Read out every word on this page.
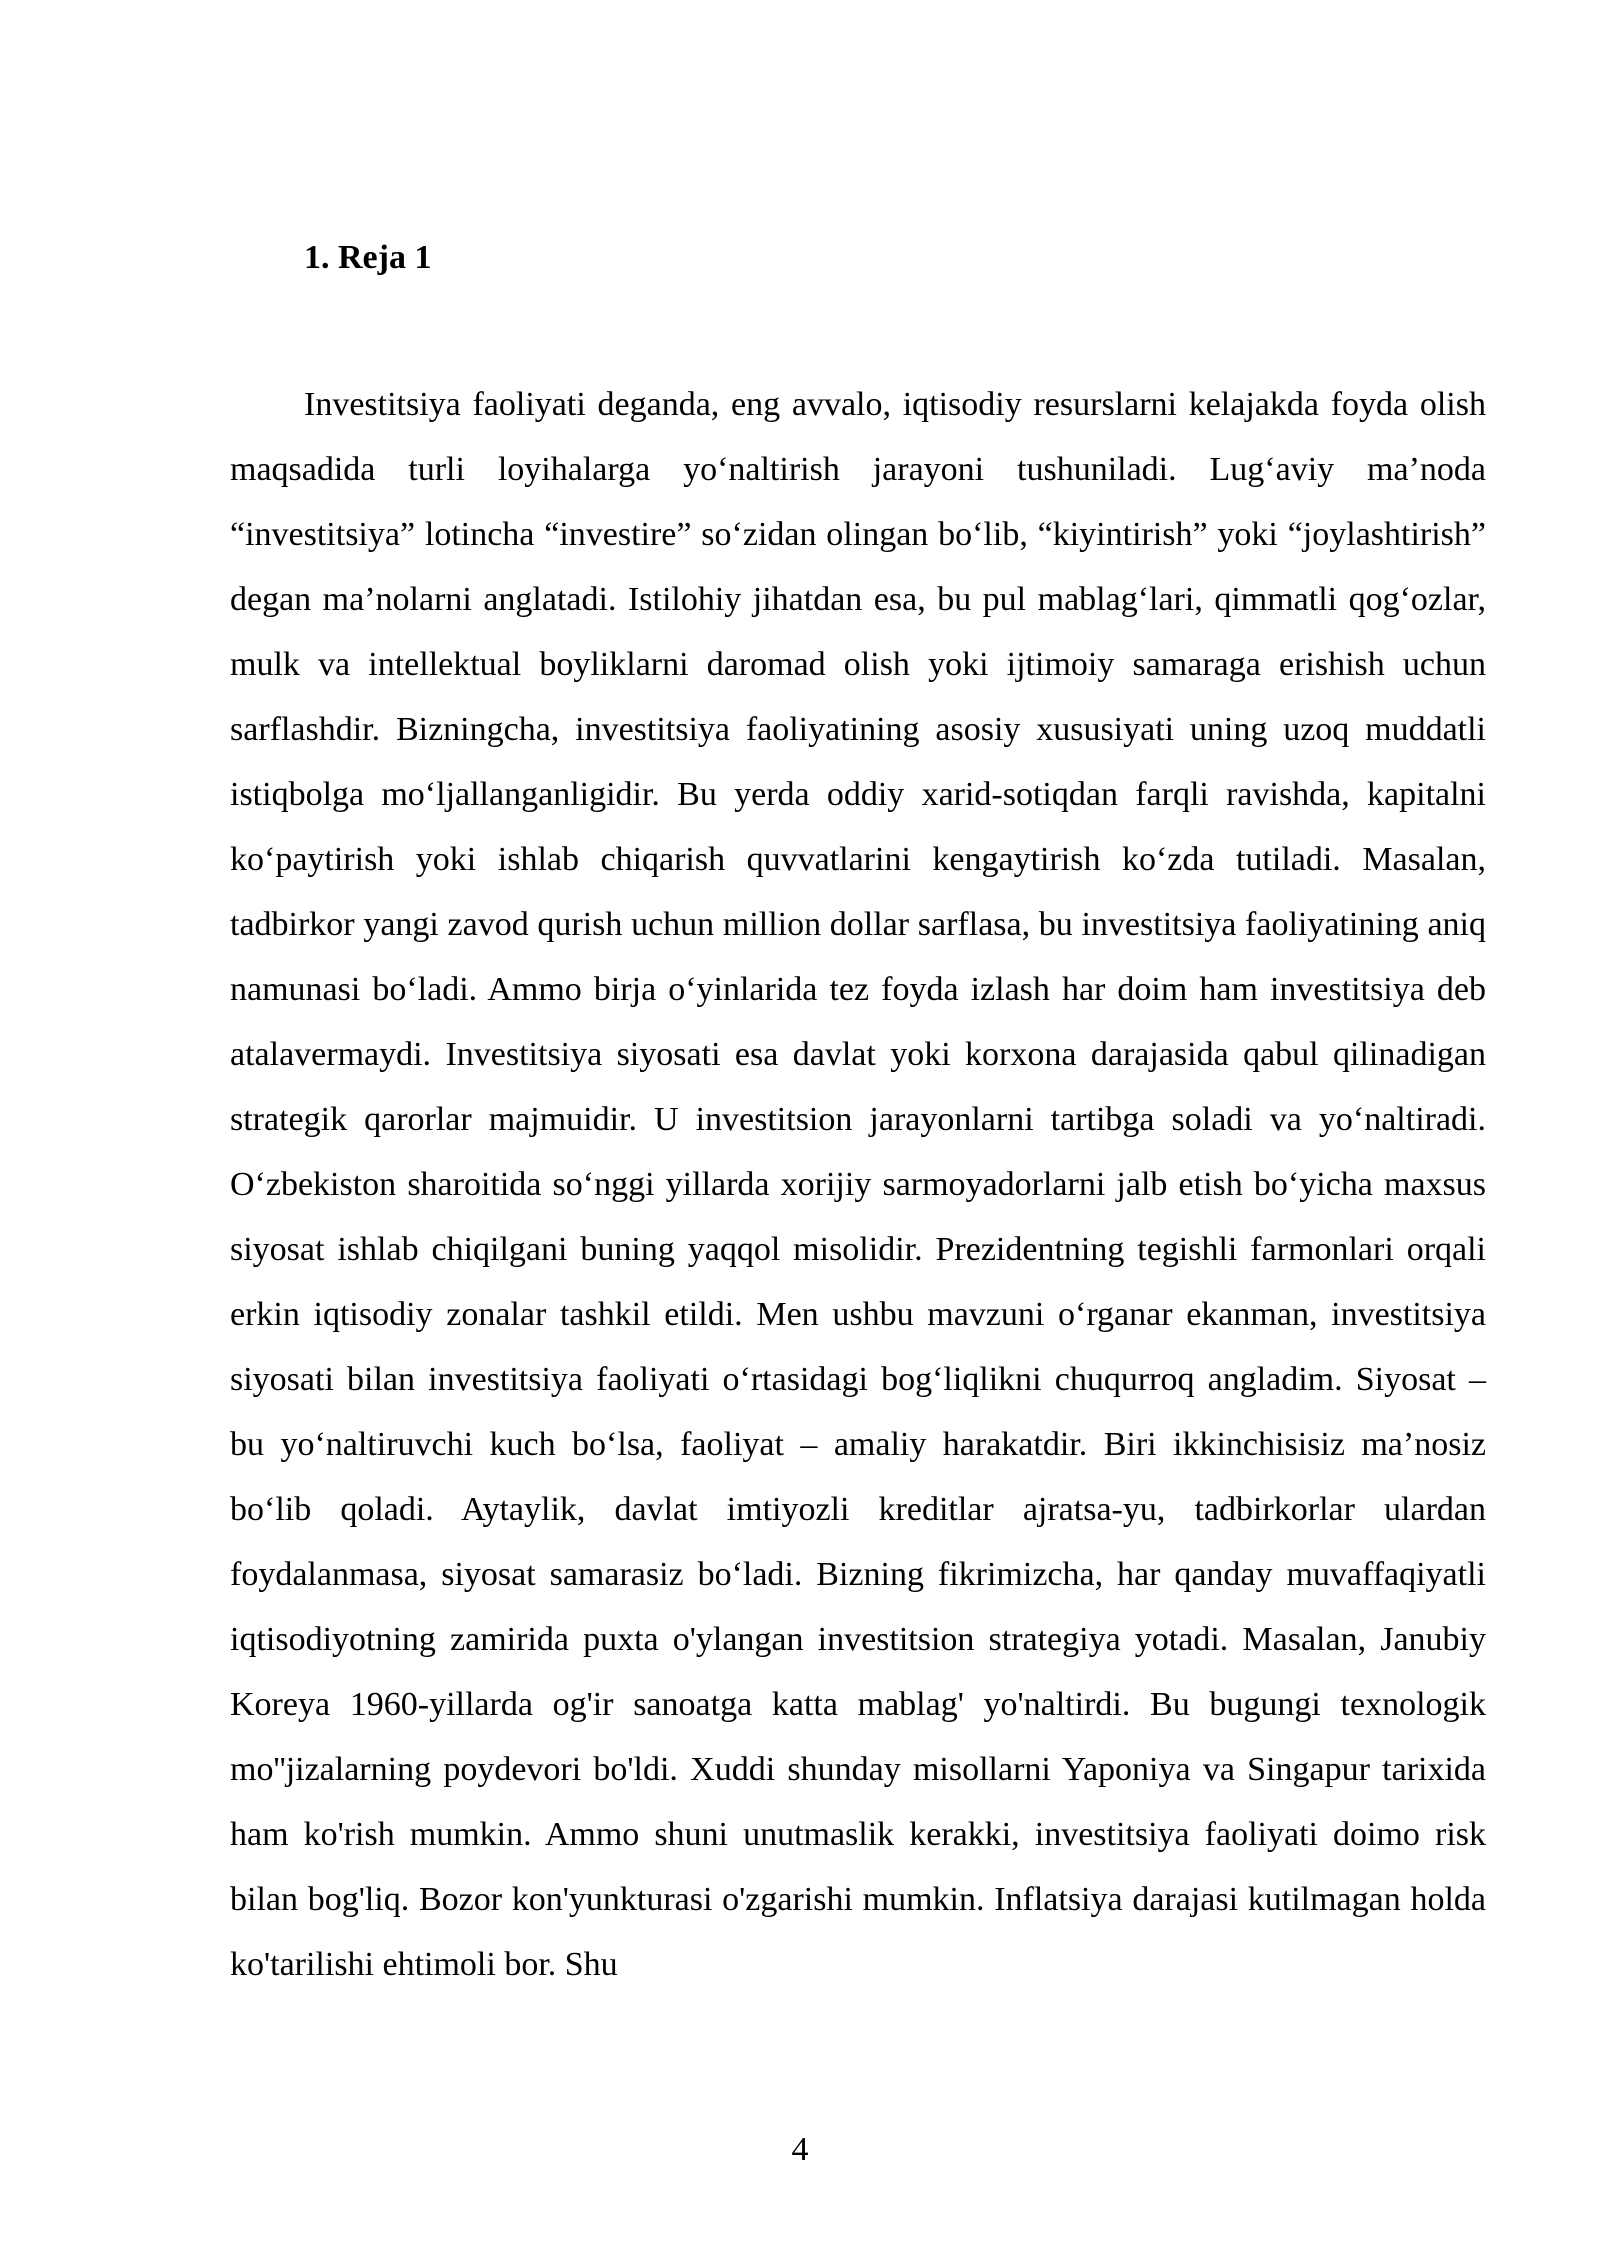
1. Reja 1

Investitsiya faoliyati deganda, eng avvalo, iqtisodiy resurslarni kelajakda foyda olish maqsadida turli loyihalarga yo‘naltirish jarayoni tushuniladi. Lug‘aviy ma’noda “investitsiya” lotincha “investire” so‘zidan olingan bo‘lib, “kiyintirish” yoki “joylashtirish” degan ma’nolarni anglatadi. Istilohiy jihatdan esa, bu pul mablag‘lari, qimmatli qog‘ozlar, mulk va intellektual boyliklarni daromad olish yoki ijtimoiy samaraga erishish uchun sarflashdir. Bizningcha, investitsiya faoliyatining asosiy xususiyati uning uzoq muddatli istiqbolga mo‘ljallanganligidir. Bu yerda oddiy xarid-sotiqdan farqli ravishda, kapitalni ko‘paytirish yoki ishlab chiqarish quvvatlarini kengaytirish ko‘zda tutiladi. Masalan, tadbirkor yangi zavod qurish uchun million dollar sarflasa, bu investitsiya faoliyatining aniq namunasi bo‘ladi. Ammo birja o‘yinlarida tez foyda izlash har doim ham investitsiya deb atalavermaydi. Investitsiya siyosati esa davlat yoki korxona darajasida qabul qilinadigan strategik qarorlar majmuidir. U investitsion jarayonlarni tartibga soladi va yo‘naltiradi. O‘zbekiston sharoitida so‘nggi yillarda xorijiy sarmoyadorlarni jalb etish bo‘yicha maxsus siyosat ishlab chiqilgani buning yaqqol misolidir. Prezidentning tegishli farmonlari orqali erkin iqtisodiy zonalar tashkil etildi. Men ushbu mavzuni o‘rganar ekanman, investitsiya siyosati bilan investitsiya faoliyati o‘rtasidagi bog‘liqlikni chuqurroq angladim. Siyosat – bu yo‘naltiruvchi kuch bo‘lsa, faoliyat – amaliy harakatdir. Biri ikkinchisisiz ma’nosiz bo‘lib qoladi. Aytaylik, davlat imtiyozli kreditlar ajratsa-yu, tadbirkorlar ulardan foydalanmasa, siyosat samarasiz bo‘ladi. Bizning fikrimizcha, har qanday muvaffaqiyatli iqtisodiyotning zamirida puxta o'ylangan investitsion strategiya yotadi. Masalan, Janubiy Koreya 1960-yillarda og'ir sanoatga katta mablag' yo'naltirdi. Bu bugungi texnologik mo''jizalarning poydevori bo'ldi. Xuddi shunday misollarni Yaponiya va Singapur tarixida ham ko'rish mumkin. Ammo shuni unutmaslik kerakki, investitsiya faoliyati doimo risk bilan bog'liq. Bozor kon'yunkturasi o'zgarishi mumkin. Inflatsiya darajasi kutilmagan holda ko'tarilishi ehtimoli bor. Shu

4
